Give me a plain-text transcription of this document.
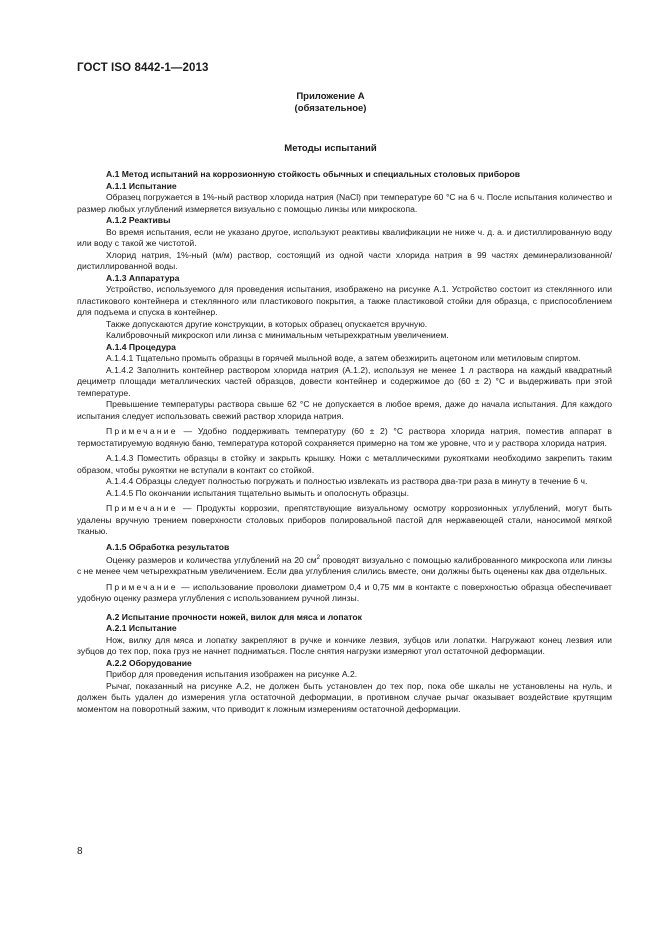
ГОСТ ISO 8442-1—2013
Приложение А
(обязательное)
Методы испытаний

А.1 Метод испытаний на коррозионную стойкость обычных и специальных столовых приборов

А.1.1 Испытание

Образец погружается в 1%-ный раствор хлорида натрия (NaCl) при температуре 60 °С на 6 ч. После испытания количество и размер любых углублений измеряется визуально с помощью линзы или микроскопа.

А.1.2 Реактивы

Во время испытания, если не указано другое, используют реактивы квалификации не ниже ч. д. а. и дистиллированную воду или воду с такой же чистотой.

Хлорид натрия, 1%-ный (м/м) раствор, состоящий из одной части хлорида натрия в 99 частях деминерализованной/дистиллированной воды.

А.1.3 Аппаратура

Устройство, используемого для проведения испытания, изображено на рисунке А.1. Устройство состоит из стеклянного или пластикового контейнера и стеклянного или пластикового покрытия, а также пластиковой стойки для образца, с приспособлением для подъема и спуска в контейнер.

Также допускаются другие конструкции, в которых образец опускается вручную.

Калибровочный микроскоп или линза с минимальным четырехкратным увеличением.

А.1.4 Процедура

А.1.4.1 Тщательно промыть образцы в горячей мыльной воде, а затем обезжирить ацетоном или метиловым спиртом.

А.1.4.2 Заполнить контейнер раствором хлорида натрия (А.1.2), используя не менее 1 л раствора на каждый квадратный дециметр площади металлических частей образцов, довести контейнер и содержимое до (60 ± 2) °С и выдерживать при этой температуре.

Превышение температуры раствора свыше 62 °С не допускается в любое время, даже до начала испытания. Для каждого испытания следует использовать свежий раствор хлорида натрия.

Примечание — Удобно поддерживать температуру (60 ± 2) °С раствора хлорида натрия, поместив аппарат в термостатируемую водяную баню, температура которой сохраняется примерно на том же уровне, что и у раствора хлорида натрия.

А.1.4.3 Поместить образцы в стойку и закрыть крышку. Ножи с металлическими рукоятками необходимо закрепить таким образом, чтобы рукоятки не вступали в контакт со стойкой.

А.1.4.4 Образцы следует полностью погружать и полностью извлекать из раствора два-три раза в минуту в течение 6 ч.

А.1.4.5 По окончании испытания тщательно вымыть и ополоснуть образцы.

Примечание — Продукты коррозии, препятствующие визуальному осмотру коррозионных углублений, могут быть удалены вручную трением поверхности столовых приборов полировальной пастой для нержавеющей стали, наносимой мягкой тканью.

А.1.5 Обработка результатов

Оценку размеров и количества углублений на 20 $см^2$ проводят визуально с помощью калиброванного микроскопа или линзы с не менее чем четырехкратным увеличением. Если два углубления слились вместе, они должны быть оценены как два отдельных.

Примечание — использование проволоки диаметром 0,4 и 0,75 мм в контакте с поверхностью образца обеспечивает удобную оценку размера углубления с использованием ручной линзы.

А.2 Испытание прочности ножей, вилок для мяса и лопаток

А.2.1 Испытание

Нож, вилку для мяса и лопатку закрепляют в ручке и кончике лезвия, зубцов или лопатки. Нагружают конец лезвия или зубцов до тех пор, пока груз не начнет подниматься. После снятия нагрузки измеряют угол остаточной деформации.

А.2.2 Оборудование

Прибор для проведения испытания изображен на рисунке А.2.

Рычаг, показанный на рисунке А.2, не должен быть установлен до тех пор, пока обе шкалы не установлены на нуль, и должен быть удален до измерения угла остаточной деформации, в противном случае рычаг оказывает воздействие крутящим моментом на поворотный зажим, что приводит к ложным измерениям остаточной деформации.

8
